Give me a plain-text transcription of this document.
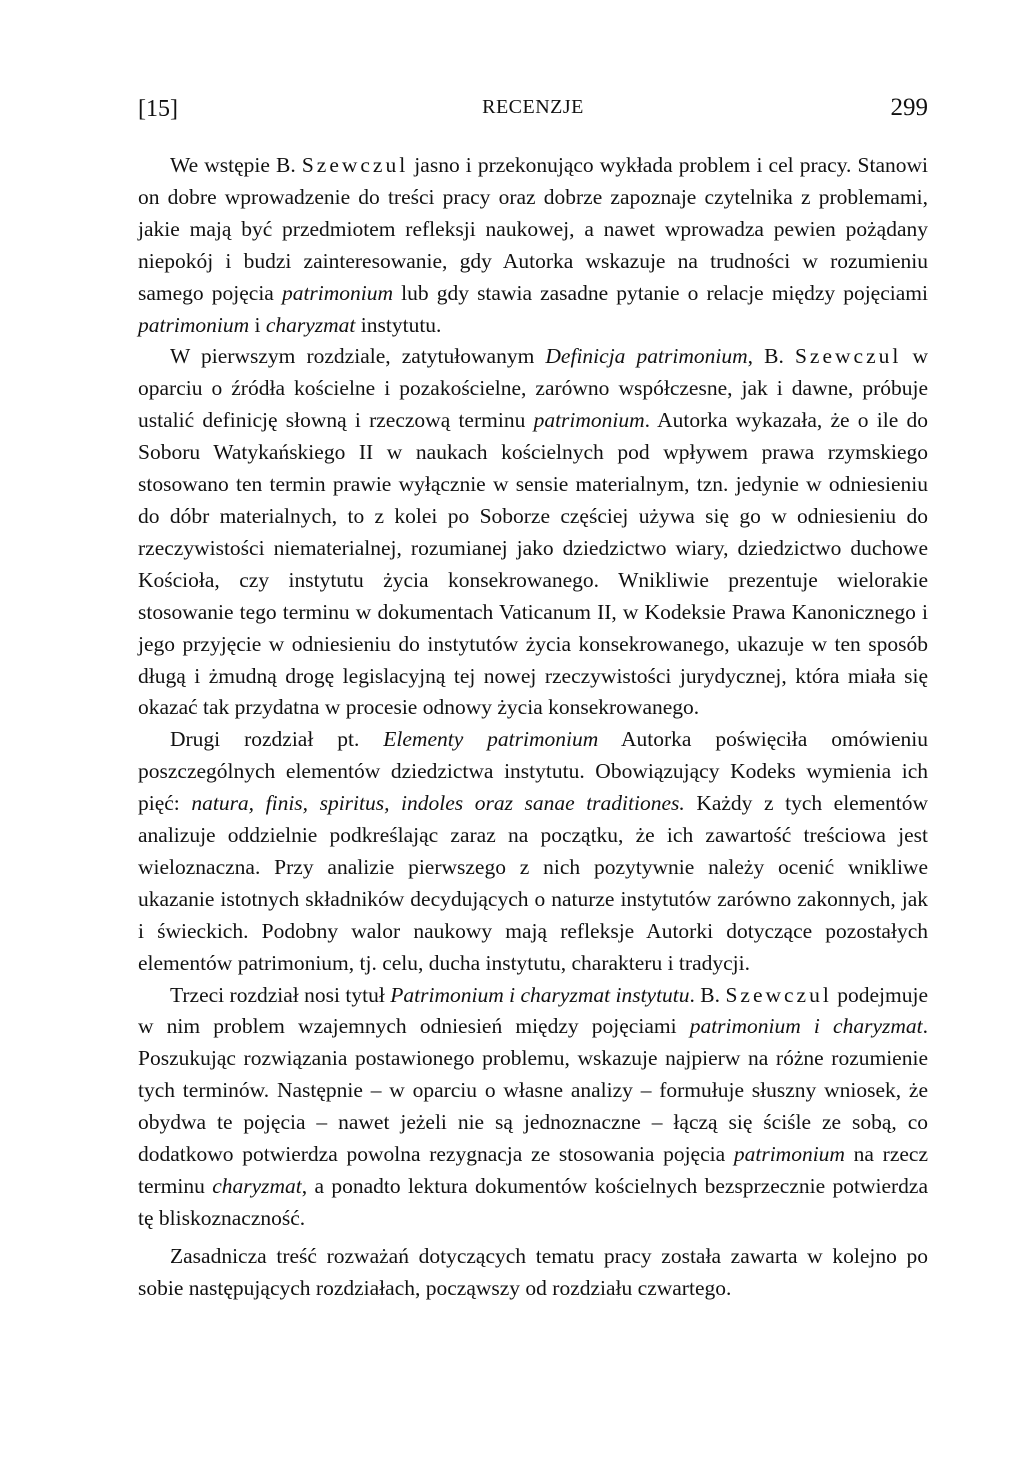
[15]	RECENZJE	299

We wstępie B. Szewczul jasno i przekonująco wykłada problem i cel pracy. Stanowi on dobre wprowadzenie do treści pracy oraz dobrze zapoznaje czytelnika z problemami, jakie mają być przedmiotem refleksji naukowej, a nawet wprowadza pewien pożądany niepokój i budzi zainteresowanie, gdy Autorka wskazuje na trudności w rozumieniu samego pojęcia patrimonium lub gdy stawia zasadne pytanie o relacje między pojęciami patrimonium i charyzmat instytutu.

W pierwszym rozdziale, zatytułowanym Definicja patrimonium, B. Szewczul w oparciu o źródła kościelne i pozakościelne, zarówno współczesne, jak i dawne, próbuje ustalić definicję słowną i rzeczową terminu patrimonium. Autorka wykazała, że o ile do Soboru Watykańskiego II w naukach kościelnych pod wpływem prawa rzymskiego stosowano ten termin prawie wyłącznie w sensie materialnym, tzn. jedynie w odniesieniu do dóbr materialnych, to z kolei po Soborze częściej używa się go w odniesieniu do rzeczywistości niematerialnej, rozumianej jako dziedzictwo wiary, dziedzictwo duchowe Kościoła, czy instytutu życia konsekrowanego. Wnikliwie prezentuje wielorakie stosowanie tego terminu w dokumentach Vaticanum II, w Kodeksie Prawa Kanonicznego i jego przyjęcie w odniesieniu do instytutów życia konsekrowanego, ukazuje w ten sposób długą i żmudną drogę legislacyjną tej nowej rzeczywistości jurydycznej, która miała się okazać tak przydatna w procesie odnowy życia konsekrowanego.

Drugi rozdział pt. Elementy patrimonium Autorka poświęciła omówieniu poszczególnych elementów dziedzictwa instytutu. Obowiązujący Kodeks wymienia ich pięć: natura, finis, spiritus, indoles oraz sanae traditiones. Każdy z tych elementów analizuje oddzielnie podkreślając zaraz na początku, że ich zawartość treściowa jest wieloznaczna. Przy analizie pierwszego z nich pozytywnie należy ocenić wnikliwe ukazanie istotnych składników decydujących o naturze instytutów zarówno zakonnych, jak i świeckich. Podobny walor naukowy mają refleksje Autorki dotyczące pozostałych elementów patrimonium, tj. celu, ducha instytutu, charakteru i tradycji.

Trzeci rozdział nosi tytuł Patrimonium i charyzmat instytutu. B. Szewczul podejmuje w nim problem wzajemnych odniesień między pojęciami patrimonium i charyzmat. Poszukując rozwiązania postawionego problemu, wskazuje najpierw na różne rozumienie tych terminów. Następnie – w oparciu o własne analizy – formułuje słuszny wniosek, że obydwa te pojęcia – nawet jeżeli nie są jednoznaczne – łączą się ściśle ze sobą, co dodatkowo potwierdza powolna rezygnacja ze stosowania pojęcia patrimonium na rzecz terminu charyzmat, a ponadto lektura dokumentów kościelnych bezsprzecznie potwierdza tę bliskoznaczność.

Zasadnicza treść rozważań dotyczących tematu pracy została zawarta w kolejno po sobie następujących rozdziałach, począwszy od rozdziału czwartego.
